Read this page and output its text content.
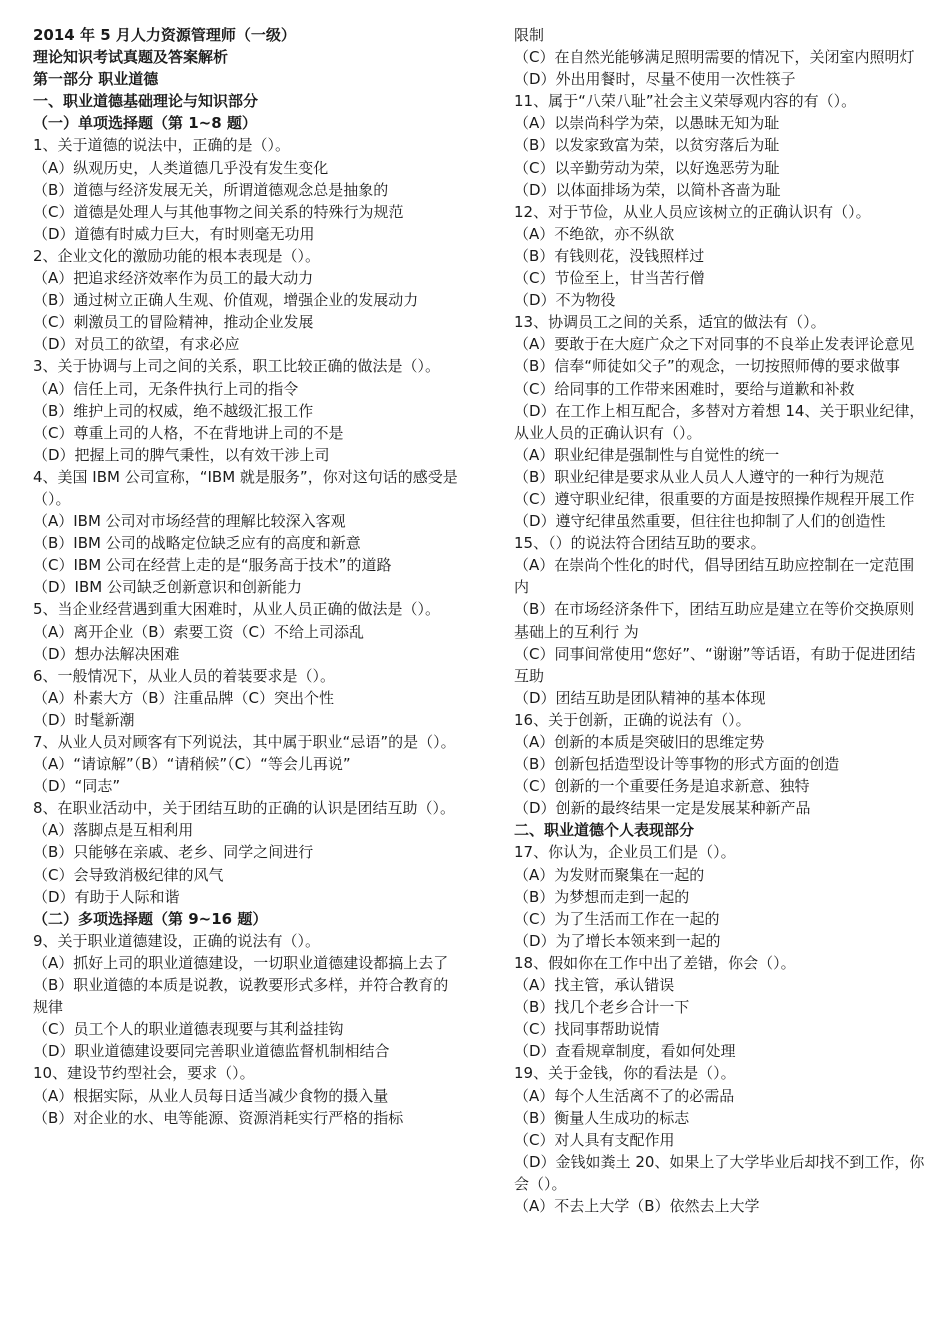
2014 年 5 月人力资源管理师（一级）
理论知识考试真题及答案解析
第一部分 职业道德
一、职业道德基础理论与知识部分
（一）单项选择题（第 1~8 题）
1、关于道德的说法中，正确的是（）。
（A）纵观历史，人类道德几乎没有发生变化
（B）道德与经济发展无关，所谓道德观念总是抽象的
（C）道德是处理人与其他事物之间关系的特殊行为规范
（D）道德有时威力巨大，有时则毫无功用
2、企业文化的激励功能的根本表现是（）。
（A）把追求经济效率作为员工的最大动力
（B）通过树立正确人生观、价值观，增强企业的发展动力
（C）刺激员工的冒险精神，推动企业发展
（D）对员工的欲望，有求必应
3、关于协调与上司之间的关系，职工比较正确的做法是（）。
（A）信任上司，无条件执行上司的指令
（B）维护上司的权威，绝不越级汇报工作
（C）尊重上司的人格，不在背地讲上司的不是
（D）把握上司的脾气秉性，以有效干涉上司
4、美国 IBM 公司宣称，“IBM 就是服务”，你对这句话的感受是（）。
（A）IBM 公司对市场经营的理解比较深入客观
（B）IBM 公司的战略定位缺乏应有的高度和新意
（C）IBM 公司在经营上走的是“服务高于技术”的道路
（D）IBM 公司缺乏创新意识和创新能力
5、当企业经营遇到重大困难时，从业人员正确的做法是（）。
（A）离开企业（B）索要工资（C）不给上司添乱
（D）想办法解决困难
6、一般情况下，从业人员的着装要求是（）。
（A）朴素大方（B）注重品牌（C）突出个性
（D）时髦新潮
7、从业人员对顾客有下列说法，其中属于职业“忌语”的是（）。
（A）“请谅解”（B）“请稍候”（C）“等会儿再说”
（D）“同志”
8、在职业活动中，关于团结互助的正确的认识是团结互助（）。
（A）落脚点是互相利用
（B）只能够在亲戚、老乡、同学之间进行
（C）会导致消极纪律的风气
（D）有助于人际和谐
（二）多项选择题（第 9~16 题）
9、关于职业道德建设，正确的说法有（）。
（A）抓好上司的职业道德建设，一切职业道德建设都搞上去了
（B）职业道德的本质是说教，说教要形式多样，并符合教育的规律
（C）员工个人的职业道德表现要与其利益挂钩
（D）职业道德建设要同完善职业道德监督机制相结合
10、建设节约型社会，要求（）。
（A）根据实际，从业人员每日适当减少食物的摄入量
（B）对企业的水、电等能源、资源消耗实行严格的指标
限制
（C）在自然光能够满足照明需要的情况下，关闭室内照明灯
（D）外出用餐时，尽量不使用一次性筷子
11、属于“八荣八耻”社会主义荣辱观内容的有（）。
（A）以崇尚科学为荣，以愚昧无知为耻
（B）以发家致富为荣，以贫穷落后为耻
（C）以辛勤劳动为荣，以好逸恶劳为耻
（D）以体面排场为荣，以简朴吝啬为耻
12、对于节俭，从业人员应该树立的正确认识有（）。
（A）不绝欲，亦不纵欲
（B）有钱则花，没钱照样过
（C）节俭至上，甘当苦行僧
（D）不为物役
13、协调员工之间的关系，适宜的做法有（）。
（A）要敢于在大庭广众之下对同事的不良举止发表评论意见
（B）信奉“师徒如父子”的观念，一切按照师傅的要求做事
（C）给同事的工作带来困难时，要给与道歉和补救
（D）在工作上相互配合，多替对方着想 14、关于职业纪律，从业人员的正确认识有（）。
（A）职业纪律是强制性与自觉性的统一
（B）职业纪律是要求从业人员人人遵守的一种行为规范
（C）遵守职业纪律，很重要的方面是按照操作规程开展工作
（D）遵守纪律虽然重要，但往往也抑制了人们的创造性
15、（）的说法符合团结互助的要求。
（A）在崇尚个性化的时代，倡导团结互助应控制在一定范围内
（B）在市场经济条件下，团结互助应是建立在等价交换原则基础上的互利行 为
（C）同事间常使用“您好”、“谢谢”等话语，有助于促进团结互助
（D）团结互助是团队精神的基本体现
16、关于创新，正确的说法有（）。
（A）创新的本质是突破旧的思维定势
（B）创新包括造型设计等事物的形式方面的创造
（C）创新的一个重要任务是追求新意、独特
（D）创新的最终结果一定是发展某种新产品
二、职业道德个人表现部分
17、你认为，企业员工们是（）。
（A）为发财而聚集在一起的
（B）为梦想而走到一起的
（C）为了生活而工作在一起的
（D）为了增长本领来到一起的
18、假如你在工作中出了差错，你会（）。
（A）找主管，承认错误
（B）找几个老乡合计一下
（C）找同事帮助说情
（D）查看规章制度，看如何处理
19、关于金钱，你的看法是（）。
（A）每个人生活离不了的必需品
（B）衡量人生成功的标志
（C）对人具有支配作用
（D）金钱如粪土 20、如果上了大学毕业后却找不到工作，你会（）。
（A）不去上大学（B）依然去上大学
